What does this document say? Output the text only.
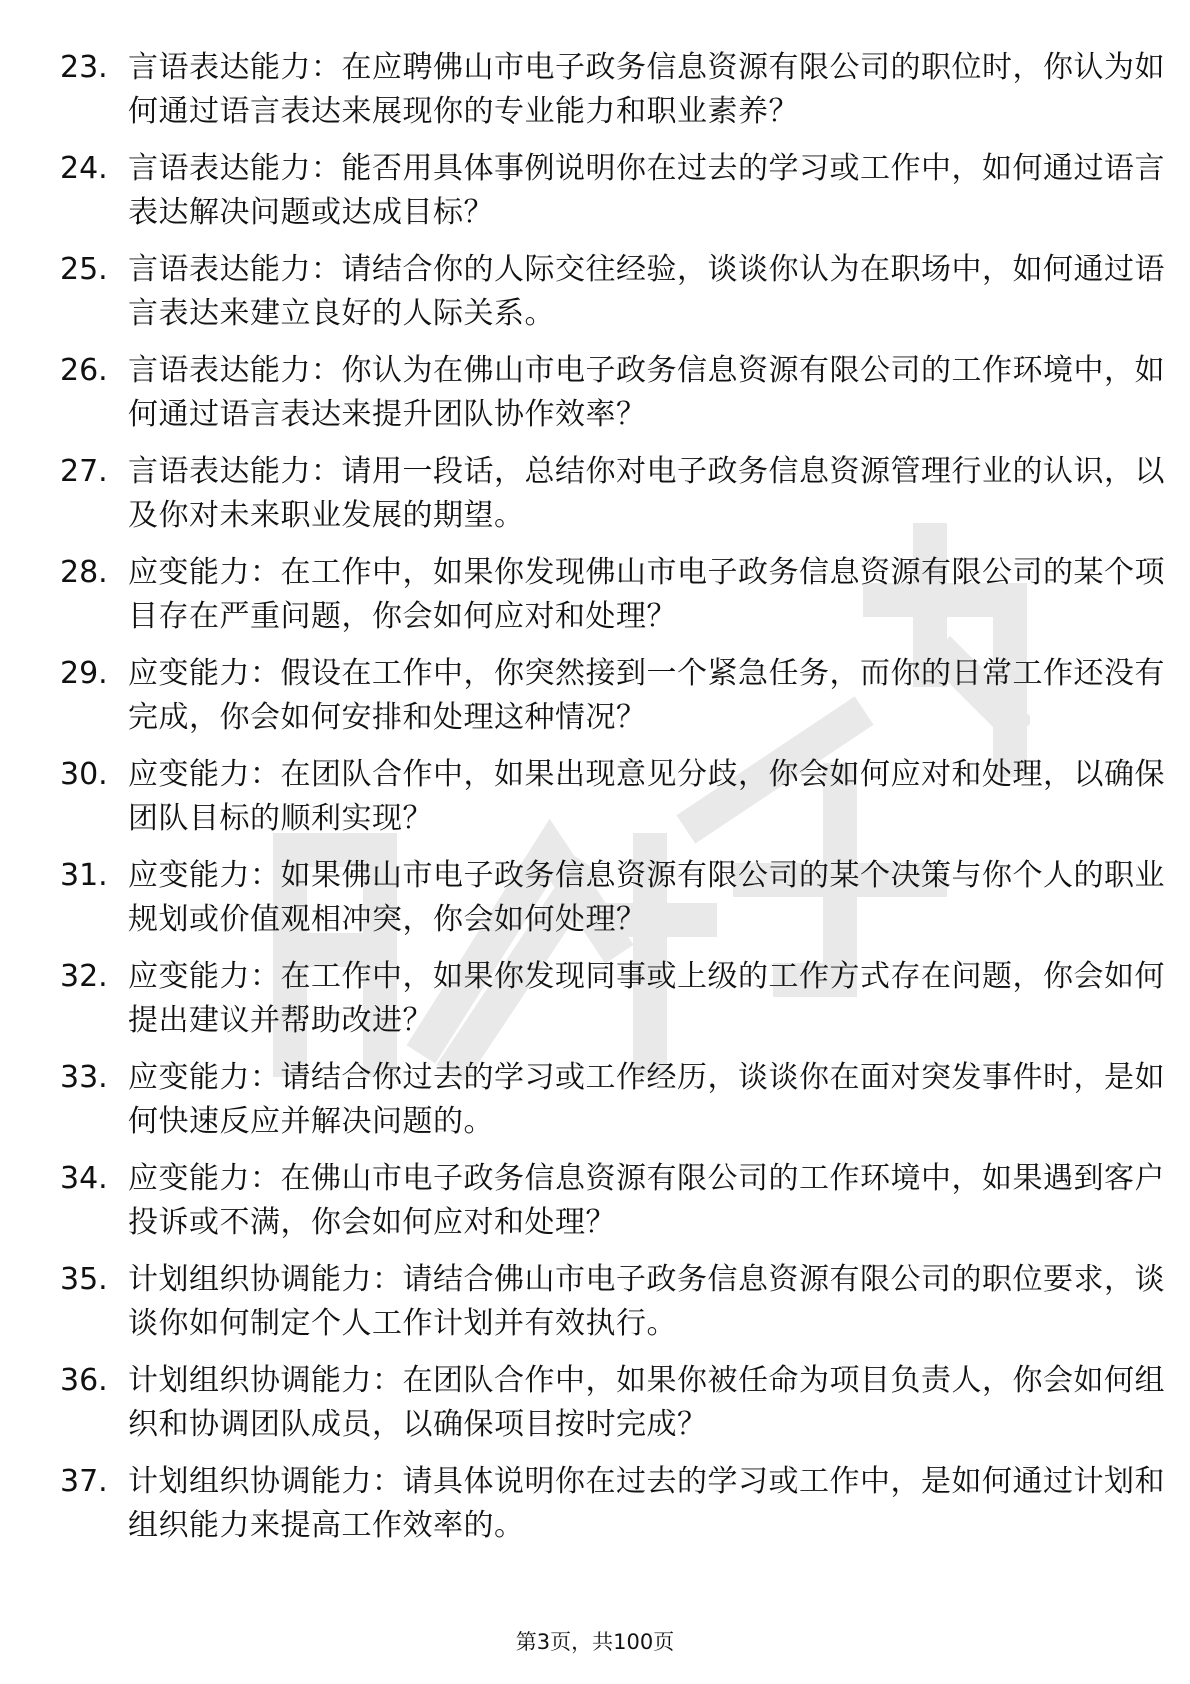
23. 言语表达能力：在应聘佛山市电子政务信息资源有限公司的职位时，你认为如何通过语言表达来展现你的专业能力和职业素养？
24. 言语表达能力：能否用具体事例说明你在过去的学习或工作中，如何通过语言表达解决问题或达成目标？
25. 言语表达能力：请结合你的人际交往经验，谈谈你认为在职场中，如何通过语言表达来建立良好的人际关系。
26. 言语表达能力：你认为在佛山市电子政务信息资源有限公司的工作环境中，如何通过语言表达来提升团队协作效率？
27. 言语表达能力：请用一段话，总结你对电子政务信息资源管理行业的认识，以及你对未来职业发展的期望。
28. 应变能力：在工作中，如果你发现佛山市电子政务信息资源有限公司的某个项目存在严重问题，你会如何应对和处理？
29. 应变能力：假设在工作中，你突然接到一个紧急任务，而你的日常工作还没有完成，你会如何安排和处理这种情况？
30. 应变能力：在团队合作中，如果出现意见分歧，你会如何应对和处理，以确保团队目标的顺利实现？
31. 应变能力：如果佛山市电子政务信息资源有限公司的某个决策与你个人的职业规划或价值观相冲突，你会如何处理？
32. 应变能力：在工作中，如果你发现同事或上级的工作方式存在问题，你会如何提出建议并帮助改进？
33. 应变能力：请结合你过去的学习或工作经历，谈谈你在面对突发事件时，是如何快速反应并解决问题的。
34. 应变能力：在佛山市电子政务信息资源有限公司的工作环境中，如果遇到客户投诉或不满，你会如何应对和处理？
35. 计划组织协调能力：请结合佛山市电子政务信息资源有限公司的职位要求，谈谈你如何制定个人工作计划并有效执行。
36. 计划组织协调能力：在团队合作中，如果你被任命为项目负责人，你会如何组织和协调团队成员，以确保项目按时完成？
37. 计划组织协调能力：请具体说明你在过去的学习或工作中，是如何通过计划和组织能力来提高工作效率的。
第3页，共100页
